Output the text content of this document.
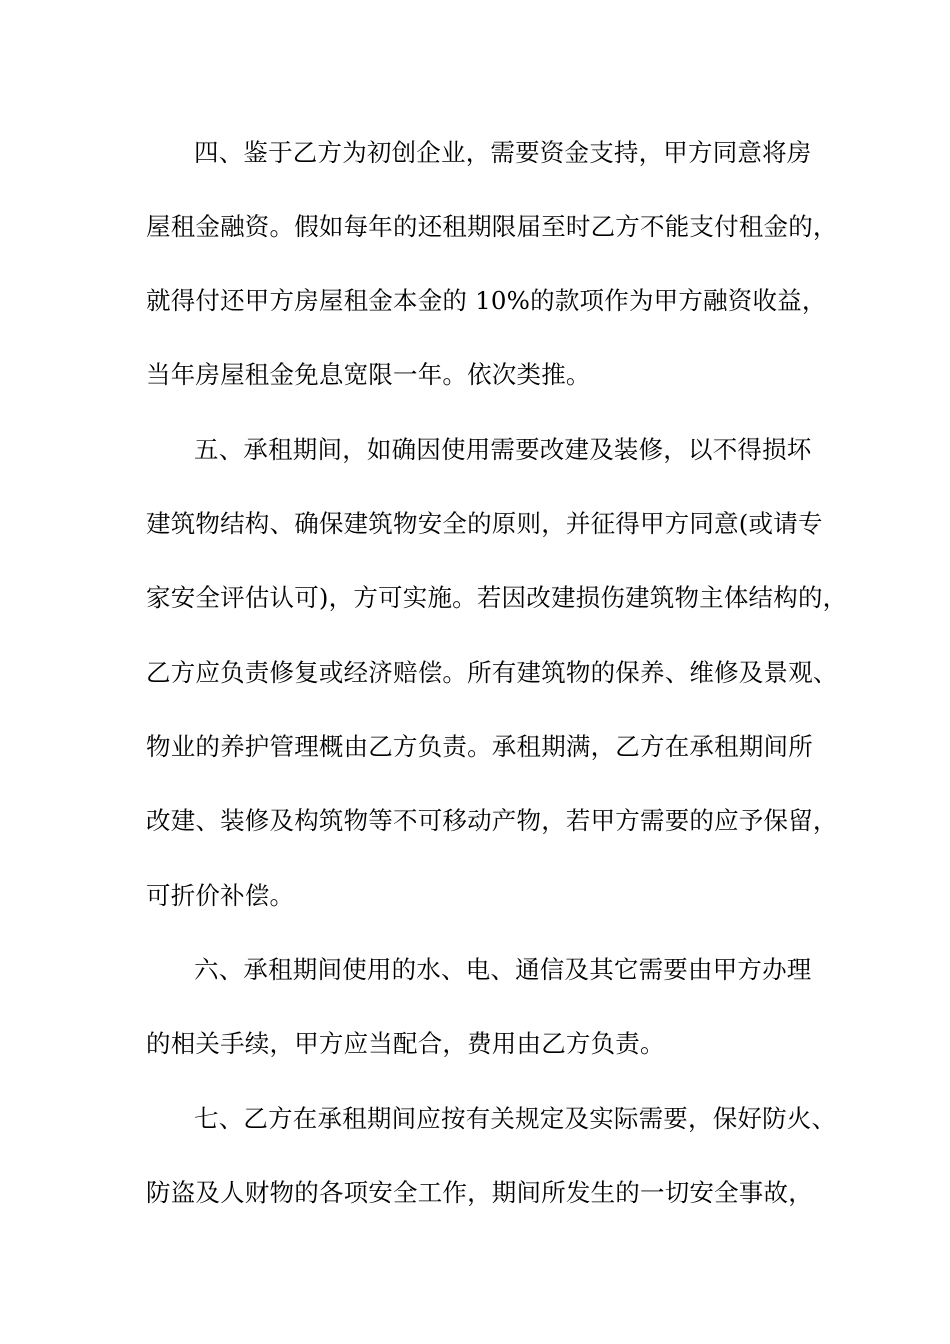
四、鉴于乙方为初创企业，需要资金支持，甲方同意将房
屋租金融资。假如每年的还租期限届至时乙方不能支付租金的，
就得付还甲方房屋租金本金的 10%的款项作为甲方融资收益，
当年房屋租金免息宽限一年。依次类推。
五、承租期间，如确因使用需要改建及装修，以不得损坏
建筑物结构、确保建筑物安全的原则，并征得甲方同意(或请专
家安全评估认可)，方可实施。若因改建损伤建筑物主体结构的，
乙方应负责修复或经济赔偿。所有建筑物的保养、维修及景观、
物业的养护管理概由乙方负责。承租期满，乙方在承租期间所
改建、装修及构筑物等不可移动产物，若甲方需要的应予保留，
可折价补偿。
六、承租期间使用的水、电、通信及其它需要由甲方办理
的相关手续，甲方应当配合，费用由乙方负责。
七、乙方在承租期间应按有关规定及实际需要，保好防火、
防盗及人财物的各项安全工作，期间所发生的一切安全事故，
